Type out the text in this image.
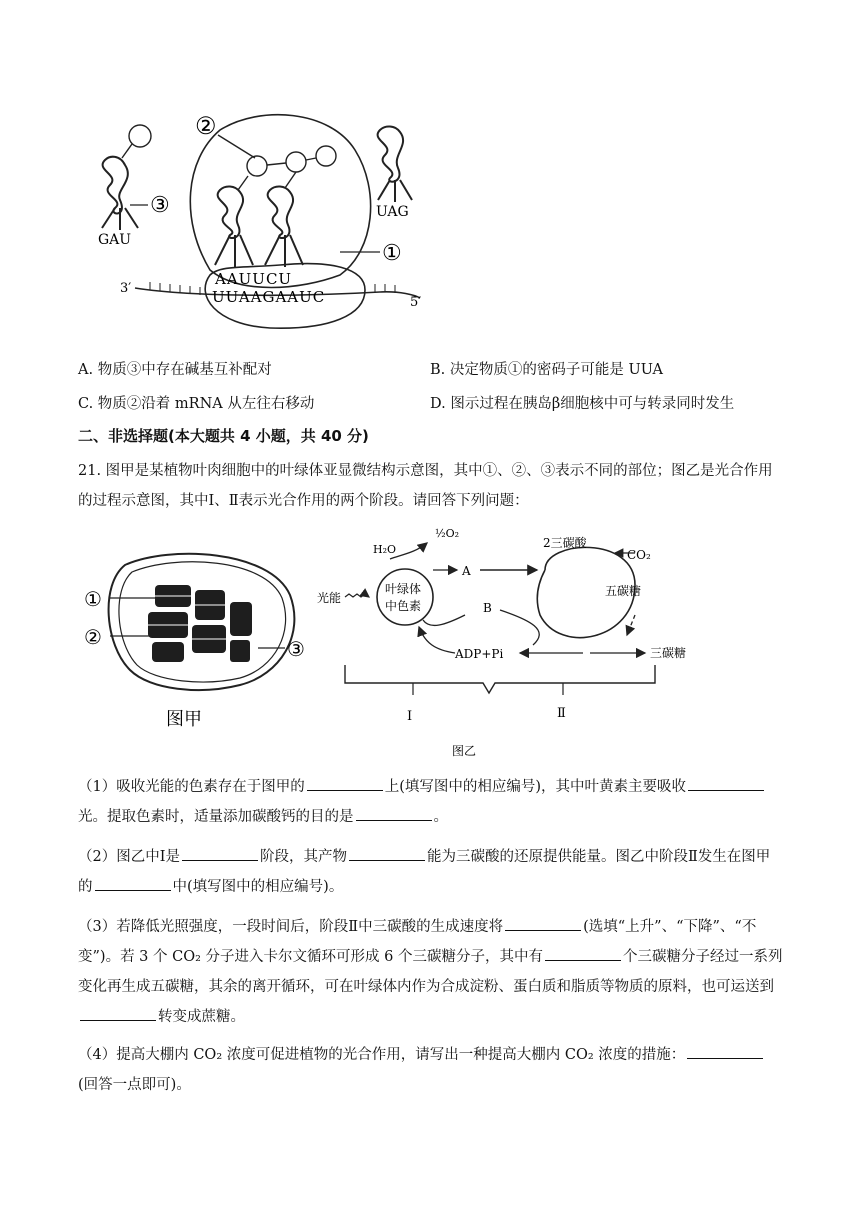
③
GAU
②
AAUUCU
UUAAGAAUC
3′
5′
①
UAG
A. 物质③中存在碱基互补配对	B. 决定物质①的密码子可能是 UUA
C. 物质②沿着 mRNA 从左往右移动	D. 图示过程在胰岛β细胞核中可与转录同时发生
二、非选择题(本大题共 4 小题，共 40 分)
21. 图甲是某植物叶肉细胞中的叶绿体亚显微结构示意图，其中①、②、③表示不同的部位；图乙是光合作用的过程示意图，其中Ⅰ、Ⅱ表示光合作用的两个阶段。请回答下列问题：
①
②	③
图甲
叶绿体
中色素
H₂O
½O₂
光能
A
B
ADP+Pi
2三碳酸
CO₂
五碳糖
三碳糖
Ⅰ	Ⅱ
图乙
（1）吸收光能的色素存在于图甲的	上(填写图中的相应编号)，其中叶黄素主要吸收光。提取色素时，适量添加碳酸钙的目的是	。
（2）图乙中Ⅰ是	阶段，其产物	能为三碳酸的还原提供能量。图乙中阶段Ⅱ发生在图甲的	中(填写图中的相应编号)。
（3）若降低光照强度，一段时间后，阶段Ⅱ中三碳酸的生成速度将	(选填“上升”、“下降”、“不变”)。若 3 个 CO₂ 分子进入卡尔文循环可形成 6 个三碳糖分子，其中有	个三碳糖分子经过一系列变化再生成五碳糖，其余的离开循环，可在叶绿体内作为合成淀粉、蛋白质和脂质等物质的原料，也可运送到转变成蔗糖。
（4）提高大棚内 CO₂ 浓度可促进植物的光合作用，请写出一种提高大棚内 CO₂ 浓度的措施：(回答一点即可)。
